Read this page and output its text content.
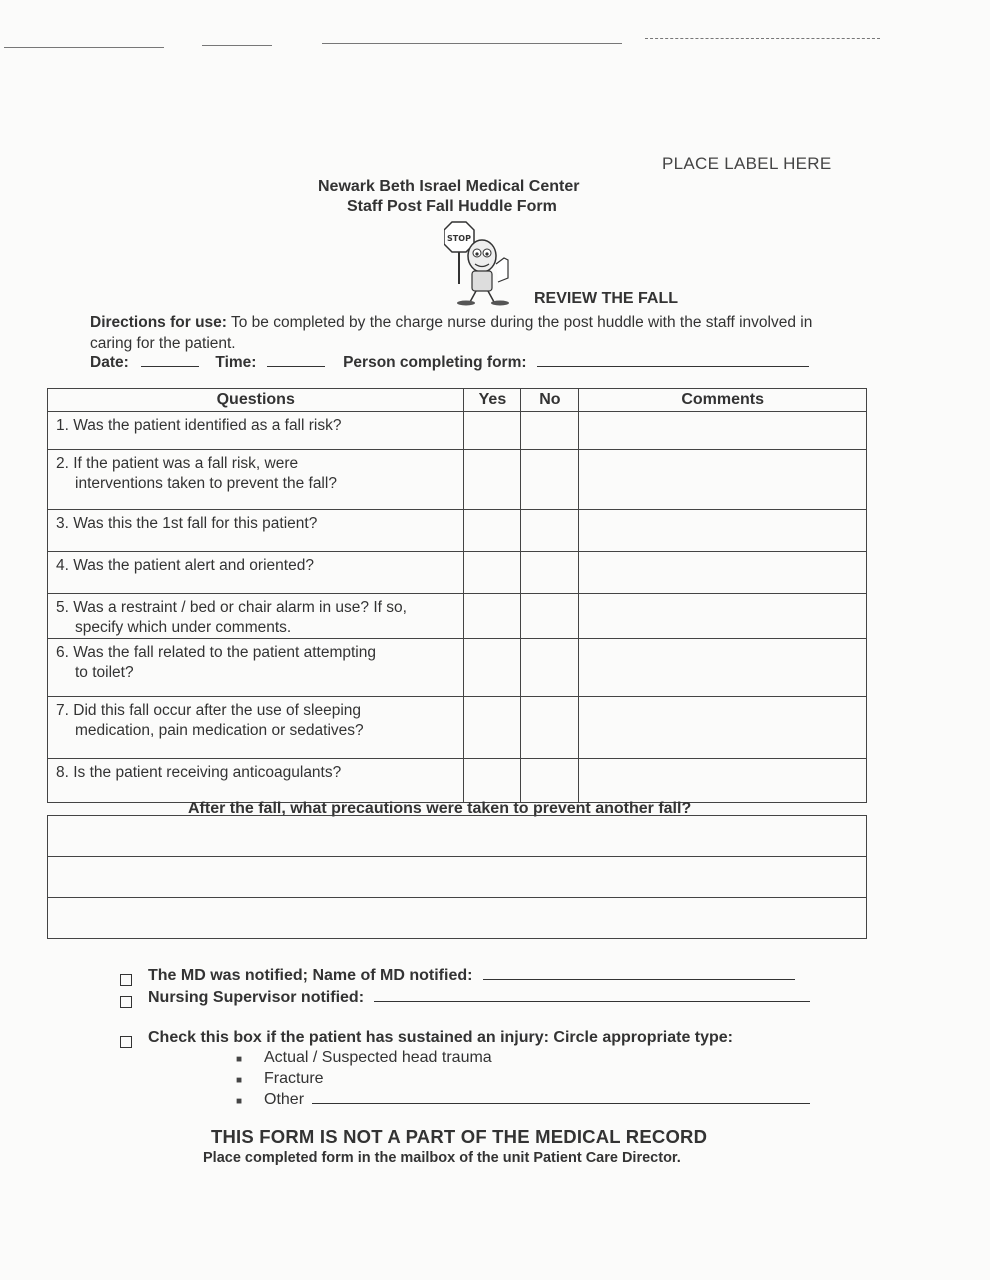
PLACE LABEL HERE
Newark Beth Israel Medical Center
Staff Post Fall Huddle Form
STOP
REVIEW THE FALL
Directions for use: To be completed by the charge nurse during the post huddle with the staff involved in caring for the patient.
Date:	Time:	Person completing form:
Questions	Yes	No	Comments
1. Was the patient identified as a fall risk?			
2. If the patient was a fall risk, were
interventions taken to prevent the fall?			

3. Was this the 1st fall for this patient?			
4. Was the patient alert and oriented?			
5. Was a restraint / bed or chair alarm in use? If so,
specify which under comments.			

6. Was the fall related to the patient attempting
to toilet?			

7. Did this fall occur after the use of sleeping
medication, pain medication or sedatives?			

8. Is the patient receiving anticoagulants?			
After the fall, what precautions were taken to prevent another fall?

The MD was notified; Name of MD notified:
Nursing Supervisor notified:
Check this box if the patient has sustained an injury: Circle appropriate type:
■ Actual / Suspected head trauma
■ Fracture
■ Other
THIS FORM IS NOT A PART OF THE MEDICAL RECORD
Place completed form in the mailbox of the unit Patient Care Director.
